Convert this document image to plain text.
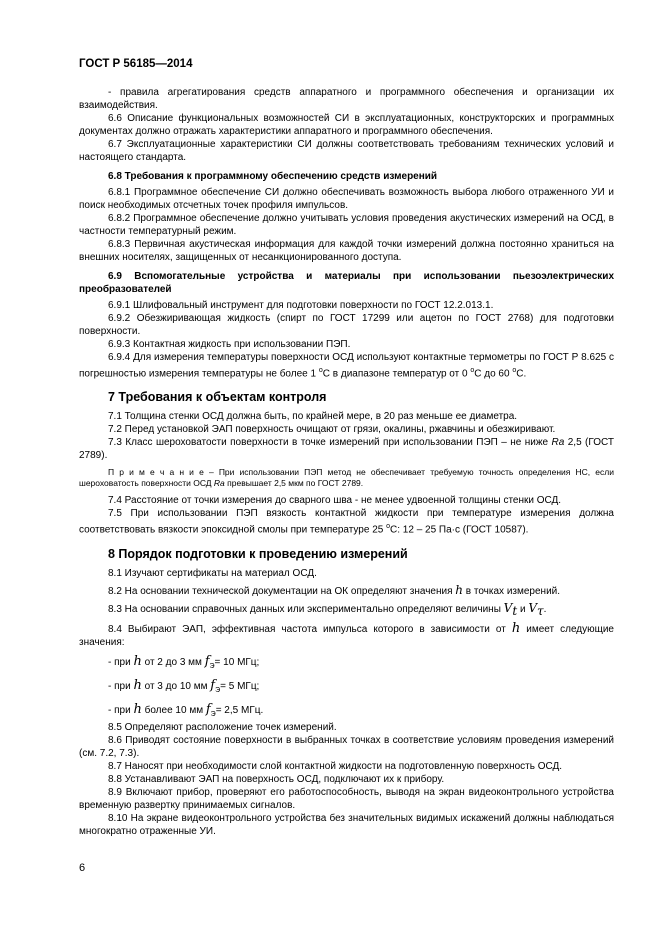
ГОСТ Р 56185—2014

- правила агрегатирования средств аппаратного и программного обеспечения и организации их взаимодействия.

6.6 Описание функциональных возможностей СИ в эксплуатационных, конструкторских и программных документах должно отражать характеристики аппаратного и программного обеспечения.

6.7 Эксплуатационные характеристики СИ должны соответствовать требованиям технических условий и настоящего стандарта.

6.8 Требования к программному обеспечению средств измерений

6.8.1 Программное обеспечение СИ должно обеспечивать возможность выбора любого отраженного УИ и поиск необходимых отсчетных точек профиля импульсов.

6.8.2 Программное обеспечение должно учитывать условия проведения акустических измерений на ОСД, в частности температурный режим.

6.8.3 Первичная акустическая информация для каждой точки измерений должна постоянно храниться на внешних носителях, защищенных от несанкционированного доступа.

6.9 Вспомогательные устройства и материалы при использовании пьезоэлектрических преобразователей

6.9.1 Шлифовальный инструмент для подготовки поверхности по ГОСТ 12.2.013.1.

6.9.2 Обезжиривающая жидкость (спирт по ГОСТ 17299 или ацетон по ГОСТ 2768) для подготовки поверхности.

6.9.3 Контактная жидкость при использовании ПЭП.

6.9.4 Для измерения температуры поверхности ОСД используют контактные термометры по ГОСТ Р 8.625 с погрешностью измерения температуры не более 1 $^o$С в диапазоне температур от 0 $^o$С до 60 $^o$С.

7 Требования к объектам контроля

7.1 Толщина стенки ОСД должна быть, по крайней мере, в 20 раз меньше ее диаметра.

7.2 Перед установкой ЭАП поверхность очищают от грязи, окалины, ржавчины и обезжиривают.

7.3 Класс шероховатости поверхности в точке измерений при использовании ПЭП – не ниже Ra 2,5 (ГОСТ 2789).

П р и м е ч а н и е – При использовании ПЭП метод не обеспечивает требуемую точность определения НС, если шероховатость поверхности ОСД Ra превышает 2,5 мкм по ГОСТ 2789.

7.4 Расстояние от точки измерения до сварного шва - не менее удвоенной толщины стенки ОСД.

7.5 При использовании ПЭП вязкость контактной жидкости при температуре измерения должна соответствовать вязкости эпоксидной смолы при температуре 25 $^o$С: 12 – 25 Па·с (ГОСТ 10587).

8 Порядок подготовки к проведению измерений

8.1 Изучают сертификаты на материал ОСД.

8.2 На основании технической документации на ОК определяют значения h в точках измерений.

8.3 На основании справочных данных или экспериментально определяют величины $V_t$ и $V_\tau$.

8.4 Выбирают ЭАП, эффективная частота импульса которого в зависимости от h имеет следующие значения:

- при h от 2 до 3 мм $f_Э= 10$ МГц;

- при h от 3 до 10 мм $f_Э= 5$ МГц;

- при h более 10 мм $f_Э= 2,5$ МГц.

8.5 Определяют расположение точек измерений.

8.6 Приводят состояние поверхности в выбранных точках в соответствие условиям проведения измерений (см. 7.2, 7.3).

8.7 Наносят при необходимости слой контактной жидкости на подготовленную поверхность ОСД.

8.8 Устанавливают ЭАП на поверхность ОСД, подключают их к прибору.

8.9 Включают прибор, проверяют его работоспособность, выводя на экран видеоконтрольного устройства временную развертку принимаемых сигналов.

8.10 На экране видеоконтрольного устройства без значительных видимых искажений должны наблюдаться многократно отраженные УИ.

6
